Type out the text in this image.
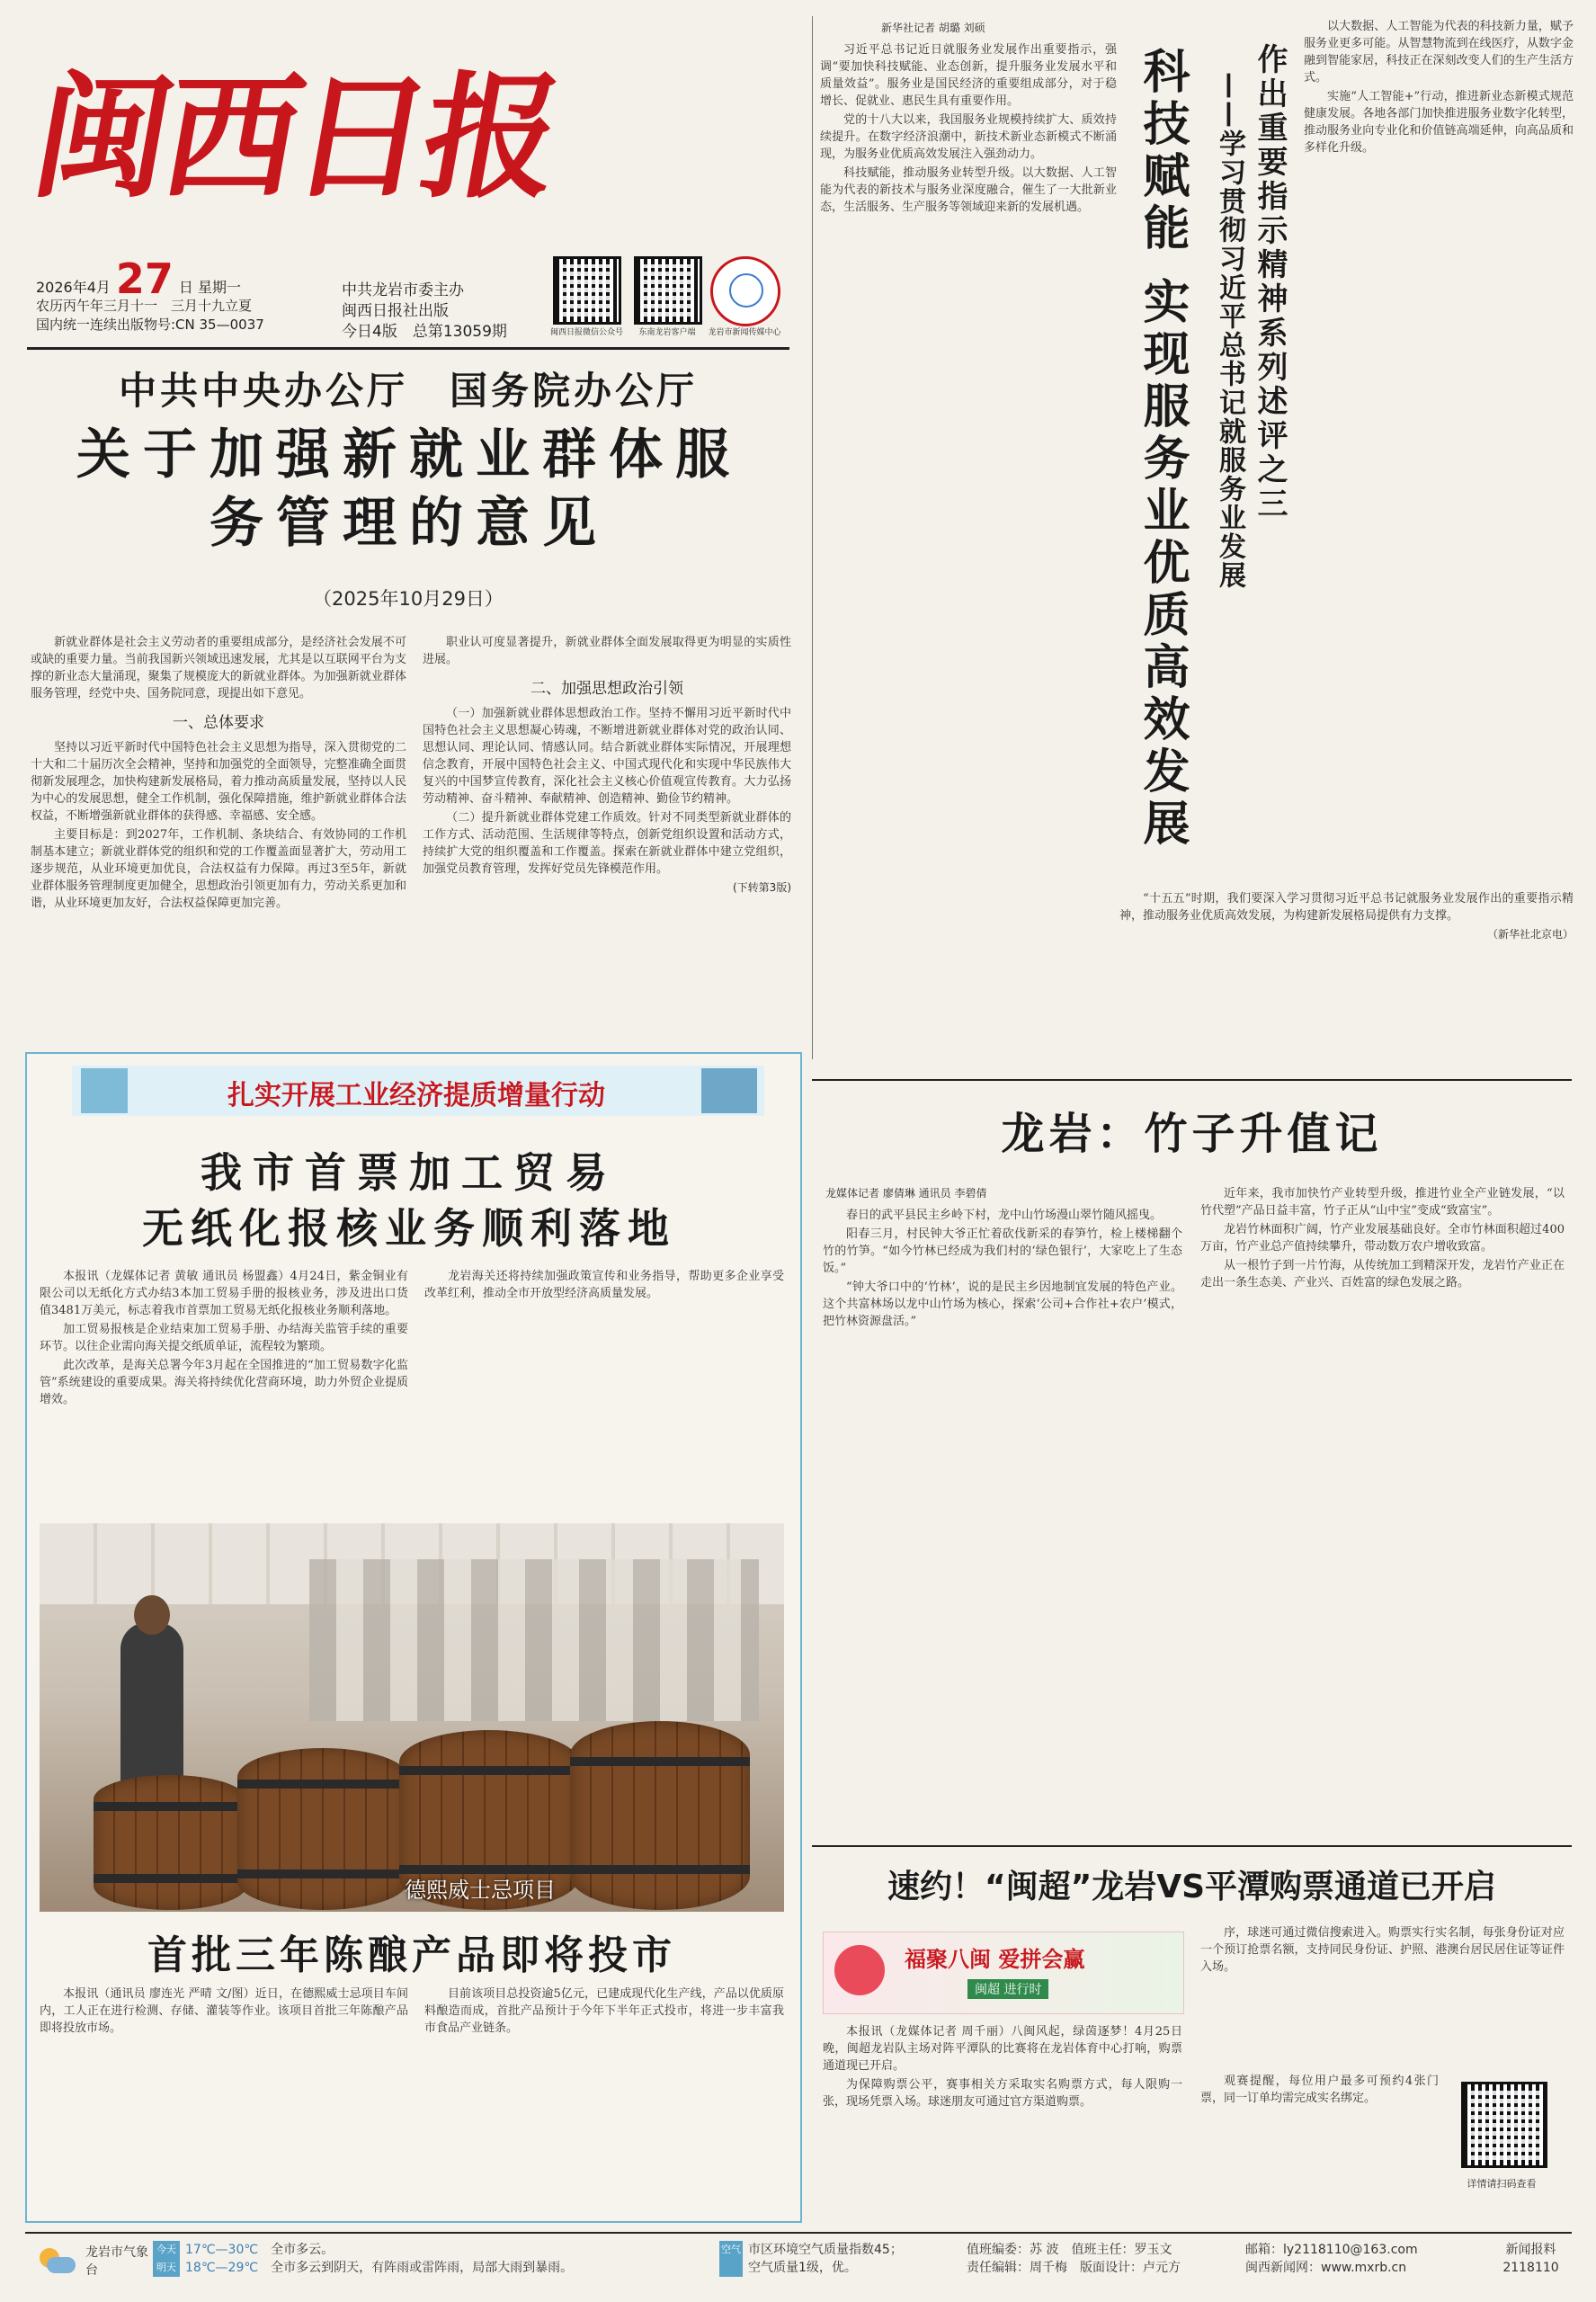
闽西日报
2026年4月 27 日 星期一
农历丙午年三月十一　三月十九立夏
国内统一连续出版物号:CN 35—0037
中共龙岩市委主办
闽西日报社出版
今日4版　总第13059期	闽西日报微信公众号	东南龙岩客户端	龙岩市新闻传媒中心
中共中央办公厅　国务院办公厅
关于加强新就业群体服务管理的意见
（2025年10月29日）

新就业群体是社会主义劳动者的重要组成部分，是经济社会发展不可或缺的重要力量。当前我国新兴领域迅速发展，尤其是以互联网平台为支撑的新业态大量涌现，聚集了规模庞大的新就业群体。为加强新就业群体服务管理，经党中央、国务院同意，现提出如下意见。

一、总体要求

坚持以习近平新时代中国特色社会主义思想为指导，深入贯彻党的二十大和二十届历次全会精神，坚持和加强党的全面领导，完整准确全面贯彻新发展理念，加快构建新发展格局，着力推动高质量发展，坚持以人民为中心的发展思想，健全工作机制，强化保障措施，维护新就业群体合法权益，不断增强新就业群体的获得感、幸福感、安全感。

主要目标是：到2027年，工作机制、条块结合、有效协同的工作机制基本建立；新就业群体党的组织和党的工作覆盖面显著扩大，劳动用工逐步规范，从业环境更加优良，合法权益有力保障。再过3至5年，新就业群体服务管理制度更加健全，思想政治引领更加有力，劳动关系更加和谐，从业环境更加友好，合法权益保障更加完善。

职业认可度显著提升，新就业群体全面发展取得更为明显的实质性进展。

二、加强思想政治引领

（一）加强新就业群体思想政治工作。坚持不懈用习近平新时代中国特色社会主义思想凝心铸魂，不断增进新就业群体对党的政治认同、思想认同、理论认同、情感认同。结合新就业群体实际情况，开展理想信念教育，开展中国特色社会主义、中国式现代化和实现中华民族伟大复兴的中国梦宣传教育，深化社会主义核心价值观宣传教育。大力弘扬劳动精神、奋斗精神、奉献精神、创造精神、勤俭节约精神。

（二）提升新就业群体党建工作质效。针对不同类型新就业群体的工作方式、活动范围、生活规律等特点，创新党组织设置和活动方式，持续扩大党的组织覆盖和工作覆盖。探索在新就业群体中建立党组织，加强党员教育管理，发挥好党员先锋模范作用。

(下转第3版)
新华社记者 胡璐 刘硕
作出重要指示精神系列述评之三
——学习贯彻习近平总书记就服务业发展
科技赋能 实现服务业优质高效发展

习近平总书记近日就服务业发展作出重要指示，强调“要加快科技赋能、业态创新，提升服务业发展水平和质量效益”。服务业是国民经济的重要组成部分，对于稳增长、促就业、惠民生具有重要作用。

党的十八大以来，我国服务业规模持续扩大、质效持续提升。在数字经济浪潮中，新技术新业态新模式不断涌现，为服务业优质高效发展注入强劲动力。

科技赋能，推动服务业转型升级。以大数据、人工智能为代表的新技术与服务业深度融合，催生了一大批新业态，生活服务、生产服务等领域迎来新的发展机遇。

以大数据、人工智能为代表的科技新力量，赋予服务业更多可能。从智慧物流到在线医疗，从数字金融到智能家居，科技正在深刻改变人们的生产生活方式。

实施“人工智能+”行动，推进新业态新模式规范健康发展。各地各部门加快推进服务业数字化转型，推动服务业向专业化和价值链高端延伸，向高品质和多样化升级。

“十五五”时期，我们要深入学习贯彻习近平总书记就服务业发展作出的重要指示精神，推动服务业优质高效发展，为构建新发展格局提供有力支撑。

（新华社北京电）
扎实开展工业经济提质增量行动
我市首票加工贸易
无纸化报核业务顺利落地

本报讯（龙媒体记者 黄敏 通讯员 杨盟鑫）4月24日，紫金铜业有限公司以无纸化方式办结3本加工贸易手册的报核业务，涉及进出口货值3481万美元，标志着我市首票加工贸易无纸化报核业务顺利落地。

加工贸易报核是企业结束加工贸易手册、办结海关监管手续的重要环节。以往企业需向海关提交纸质单证，流程较为繁琐。

此次改革，是海关总署今年3月起在全国推进的“加工贸易数字化监管”系统建设的重要成果。海关将持续优化营商环境，助力外贸企业提质增效。

龙岩海关还将持续加强政策宣传和业务指导，帮助更多企业享受改革红利，推动全市开放型经济高质量发展。

德熙威士忌项目
首批三年陈酿产品即将投市

本报讯（通讯员 廖连光 严晴 文/图）近日，在德熙威士忌项目车间内，工人正在进行检测、存储、灌装等作业。该项目首批三年陈酿产品即将投放市场。

目前该项目总投资逾5亿元，已建成现代化生产线，产品以优质原料酿造而成，首批产品预计于今年下半年正式投市，将进一步丰富我市食品产业链条。

龙岩：竹子升值记
龙媒体记者 廖倩琳 通讯员 李碧倩

春日的武平县民主乡岭下村，龙中山竹场漫山翠竹随风摇曳。

阳春三月，村民钟大爷正忙着砍伐新采的春笋竹，检上楼梯翻个竹的竹笋。“如今竹林已经成为我们村的‘绿色银行’，大家吃上了生态饭。”

“钟大爷口中的‘竹林’，说的是民主乡因地制宜发展的特色产业。这个共富林场以龙中山竹场为核心，探索‘公司+合作社+农户’模式，把竹林资源盘活。”

近年来，我市加快竹产业转型升级，推进竹业全产业链发展，“以竹代塑”产品日益丰富，竹子正从“山中宝”变成“致富宝”。

龙岩竹林面积广阔，竹产业发展基础良好。全市竹林面积超过400万亩，竹产业总产值持续攀升，带动数万农户增收致富。

从一根竹子到一片竹海，从传统加工到精深开发，龙岩竹产业正在走出一条生态美、产业兴、百姓富的绿色发展之路。

速约！“闽超”龙岩VS平潭购票通道已开启
福聚八闽 爱拼会赢
闽超 进行时

本报讯（龙媒体记者 周千丽）八闽风起，绿茵逐梦！4月25日晚，闽超龙岩队主场对阵平潭队的比赛将在龙岩体育中心打响，购票通道现已开启。

为保障购票公平，赛事相关方采取实名购票方式，每人限购一张，现场凭票入场。球迷朋友可通过官方渠道购票。

序，球迷可通过微信搜索进入。购票实行实名制，每张身份证对应一个预订抢票名额，支持同民身份证、护照、港澳台居民居住证等证件入场。

观赛提醒，每位用户最多可预约4张门票，同一订单均需完成实名绑定。

详情请扫码查看
龙岩市气象台
今天
明天
17℃—30℃　 全市多云。
18℃—29℃　 全市多云到阴天，有阵雨或雷阵雨，局部大雨到暴雨。
空气 市区环境空气质量指数45；
空气质量1级，优。
值班编委：苏 波　值班主任：罗玉文
责任编辑：周千梅　版面设计：卢元方
邮箱：ly2118110@163.com
闽西新闻网：www.mxrb.cn
新闻报料
2118110
